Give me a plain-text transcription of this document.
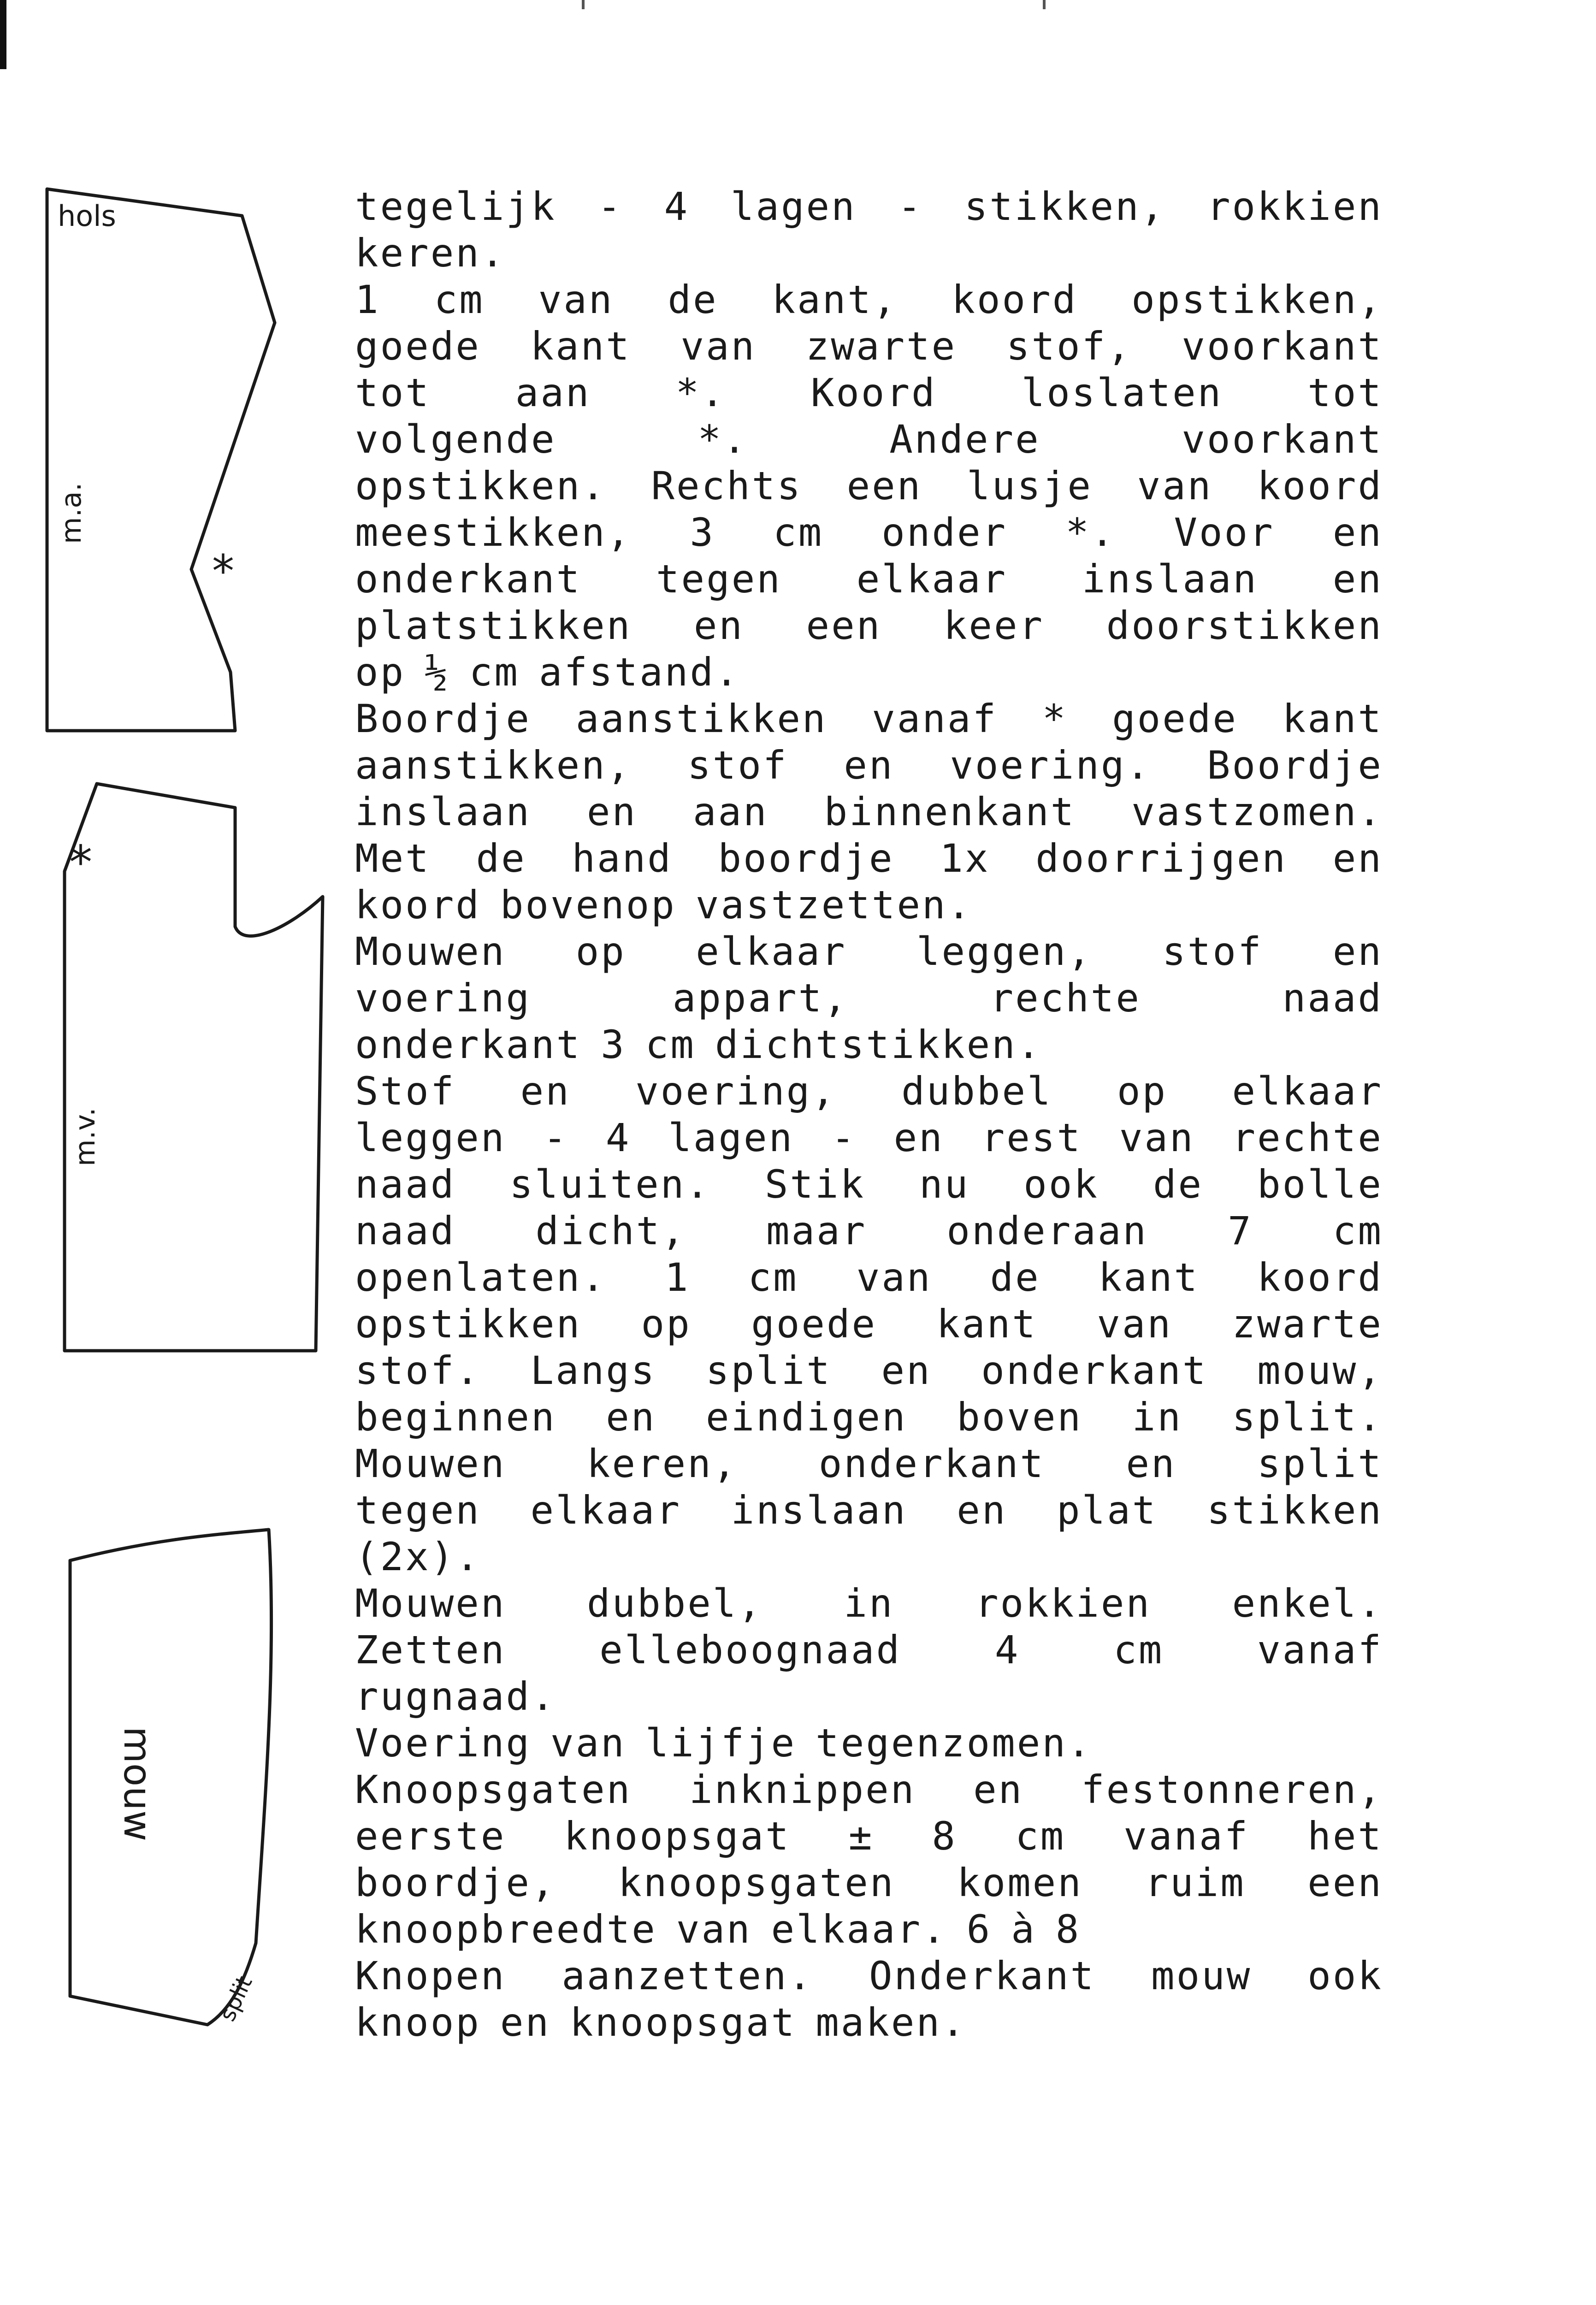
hols
m.a.
*
*
m.v.
mouw
split
tegelijk - 4 lagen - stikken, rokkien
keren.
1 cm van de kant, koord opstikken,
goede kant van zwarte stof, voorkant
tot aan *. Koord loslaten tot
volgende	*.	Andere	voorkant
opstikken. Rechts een lusje van koord
meestikken, 3 cm onder *. Voor en
onderkant tegen elkaar inslaan en
platstikken en een keer doorstikken
op ½ cm afstand.
Boordje aanstikken vanaf * goede kant
aanstikken, stof en voering. Boordje
inslaan en aan binnenkant vastzomen.
Met de hand boordje 1x doorrijgen en
koord bovenop vastzetten.
Mouwen op elkaar leggen, stof en
voering	appart,	rechte	naad
onderkant 3 cm dichtstikken.
Stof en voering, dubbel op elkaar
leggen - 4 lagen - en rest van rechte
naad sluiten. Stik nu ook de bolle
naad dicht, maar onderaan 7 cm
openlaten. 1 cm van de kant koord
opstikken op goede kant van zwarte
stof. Langs split en onderkant mouw,
beginnen en eindigen boven in split.
Mouwen keren, onderkant en split
tegen elkaar inslaan en plat stikken
(2x).
Mouwen dubbel, in rokkien enkel.
Zetten elleboognaad 4 cm vanaf
rugnaad.
Voering van lijfje tegenzomen.
Knoopsgaten inknippen en festonneren,
eerste knoopsgat ± 8 cm vanaf het
boordje, knoopsgaten komen ruim een
knoopbreedte van elkaar. 6 à 8
Knopen aanzetten. Onderkant mouw ook
knoop en knoopsgat maken.
